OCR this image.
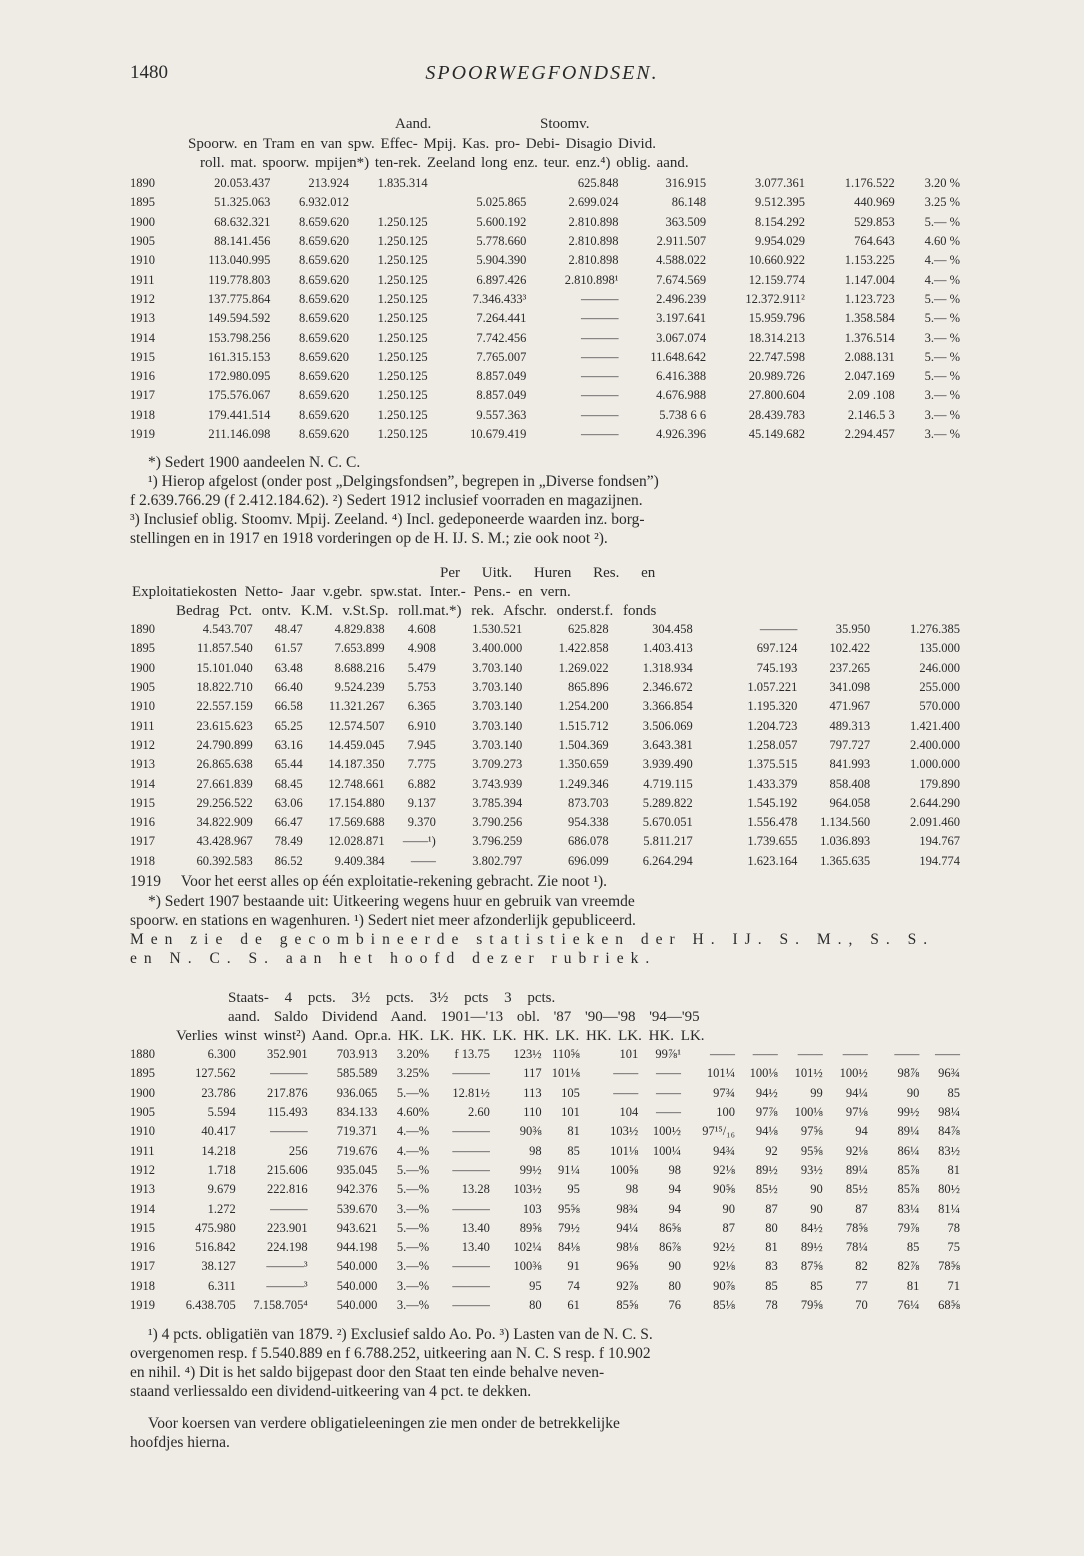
1480	SPOORWEGFONDSEN.
Aand.	Stoomv.
Spoorw. en Tram en van spw. Effec- Mpij. Kas. pro- Debi- Disagio Divid.
roll. mat. spoorw. mpijen*) ten-rek. Zeeland long enz. teur. enz.⁴) oblig. aand.
1890	20.053.437	213.924	1.835.314		625.848	316.915	3.077.361	1.176.522	3.20 %
1895	51.325.063	6.932.012		5.025.865	2.699.024	86.148	9.512.395	440.969	3.25 %
1900	68.632.321	8.659.620	1.250.125	5.600.192	2.810.898	363.509	8.154.292	529.853	5.— %
1905	88.141.456	8.659.620	1.250.125	5.778.660	2.810.898	2.911.507	9.954.029	764.643	4.60 %
1910	113.040.995	8.659.620	1.250.125	5.904.390	2.810.898	4.588.022	10.660.922	1.153.225	4.— %
1911	119.778.803	8.659.620	1.250.125	6.897.426	2.810.898¹	7.674.569	12.159.774	1.147.004	4.— %
1912	137.775.864	8.659.620	1.250.125	7.346.433³	———	2.496.239	12.372.911²	1.123.723	5.— %
1913	149.594.592	8.659.620	1.250.125	7.264.441	———	3.197.641	15.959.796	1.358.584	5.— %
1914	153.798.256	8.659.620	1.250.125	7.742.456	———	3.067.074	18.314.213	1.376.514	3.— %
1915	161.315.153	8.659.620	1.250.125	7.765.007	———	11.648.642	22.747.598	2.088.131	5.— %
1916	172.980.095	8.659.620	1.250.125	8.857.049	———	6.416.388	20.989.726	2.047.169	5.— %
1917	175.576.067	8.659.620	1.250.125	8.857.049	———	4.676.988	27.800.604	2.09 .108	3.— %
1918	179.441.514	8.659.620	1.250.125	9.557.363	———	5.738 6 6	28.439.783	2.146.5 3	3.— %
1919	211.146.098	8.659.620	1.250.125	10.679.419	———	4.926.396	45.149.682	2.294.457	3.— %
*) Sedert 1900 aandeelen N. C. C.
¹) Hierop afgelost (onder post „Delgingsfondsen”, begrepen in „Diverse fondsen”)
f 2.639.766.29 (f 2.412.184.62). ²) Sedert 1912 inclusief voorraden en magazijnen.
³) Inclusief oblig. Stoomv. Mpij. Zeeland. ⁴) Incl. gedeponeerde waarden inz. borg-
stellingen en in 1917 en 1918 vorderingen op de H. IJ. S. M.; zie ook noot ²).
Per Uitk. Huren Res. en
Exploitatiekosten Netto- Jaar v.gebr. spw.stat. Inter.- Pens.- en vern.
Bedrag Pct. ontv. K.M. v.St.Sp. roll.mat.*) rek. Afschr. onderst.f. fonds
1890	4.543.707	48.47	4.829.838	4.608	1.530.521	625.828	304.458	———	35.950	1.276.385
1895	11.857.540	61.57	7.653.899	4.908	3.400.000	1.422.858	1.403.413	697.124	102.422	135.000
1900	15.101.040	63.48	8.688.216	5.479	3.703.140	1.269.022	1.318.934	745.193	237.265	246.000
1905	18.822.710	66.40	9.524.239	5.753	3.703.140	865.896	2.346.672	1.057.221	341.098	255.000
1910	22.557.159	66.58	11.321.267	6.365	3.703.140	1.254.200	3.366.854	1.195.320	471.967	570.000
1911	23.615.623	65.25	12.574.507	6.910	3.703.140	1.515.712	3.506.069	1.204.723	489.313	1.421.400
1912	24.790.899	63.16	14.459.045	7.945	3.703.140	1.504.369	3.643.381	1.258.057	797.727	2.400.000
1913	26.865.638	65.44	14.187.350	7.775	3.709.273	1.350.659	3.939.490	1.375.515	841.993	1.000.000
1914	27.661.839	68.45	12.748.661	6.882	3.743.939	1.249.346	4.719.115	1.433.379	858.408	179.890
1915	29.256.522	63.06	17.154.880	9.137	3.785.394	873.703	5.289.822	1.545.192	964.058	2.644.290
1916	34.822.909	66.47	17.569.688	9.370	3.790.256	954.338	5.670.051	1.556.478	1.134.560	2.091.460
1917	43.428.967	78.49	12.028.871	——¹)	3.796.259	686.078	5.811.217	1.739.655	1.036.893	194.767
1918	60.392.583	86.52	9.409.384	——	3.802.797	696.099	6.264.294	1.623.164	1.365.635	194.774
1919 Voor het eerst alles op één exploitatie-rekening gebracht. Zie noot ¹).
*) Sedert 1907 bestaande uit: Uitkeering wegens huur en gebruik van vreemde
spoorw. en stations en wagenhuren. ¹) Sedert niet meer afzonderlijk gepubliceerd.
Men zie de gecombineerde statistieken der H. IJ. S. M., S. S.
en N. C. S. aan het hoofd dezer rubriek.
Staats- 4 pcts. 3½ pcts. 3½ pcts 3 pcts.
aand. Saldo Dividend Aand. 1901—'13 obl. '87 '90—'98 '94—'95
Verlies winst winst²) Aand. Opr.a. HK. LK. HK. LK. HK. LK. HK. LK. HK. LK.
1880	6.300	352.901	703.913	3.20%	f 13.75	123½	110⅝	101	99⅞¹	——	——	——	——	——	——
1895	127.562	———	585.589	3.25%	———	117	101⅛	——	——	101¼	100⅛	101½	100½	98⅞	96¾
1900	23.786	217.876	936.065	5.—%	12.81½	113	105	——	——	97¾	94½	99	94¼	90	85
1905	5.594	115.493	834.133	4.60%	2.60	110	101	104	——	100	97⅞	100⅛	97⅛	99½	98¼
1910	40.417	———	719.371	4.—%	———	90⅜	81	103½	100½	97¹⁵/₁₆	94⅛	97⅝	94	89¼	84⅞
1911	14.218	256	719.676	4.—%	———	98	85	101⅛	100¼	94¾	92	95⅝	92⅛	86¼	83½
1912	1.718	215.606	935.045	5.—%	———	99½	91¼	100⅝	98	92⅛	89½	93½	89¼	85⅞	81
1913	9.679	222.816	942.376	5.—%	13.28	103½	95	98	94	90⅝	85½	90	85½	85⅞	80½
1914	1.272	———	539.670	3.—%	———	103	95⅝	98¾	94	90	87	90	87	83¼	81¼
1915	475.980	223.901	943.621	5.—%	13.40	89⅝	79½	94¼	86⅝	87	80	84½	78⅝	79⅞	78
1916	516.842	224.198	944.198	5.—%	13.40	102¼	84⅛	98⅛	86⅞	92½	81	89½	78¼	85	75
1917	38.127	———³	540.000	3.—%	———	100⅜	91	96⅝	90	92⅛	83	87⅝	82	82⅞	78⅝
1918	6.311	———³	540.000	3.—%	———	95	74	92⅞	80	90⅞	85	85	77	81	71
1919	6.438.705	7.158.705⁴	540.000	3.—%	———	80	61	85⅝	76	85⅛	78	79⅝	70	76¼	68⅝
¹) 4 pcts. obligatiën van 1879. ²) Exclusief saldo Ao. Po. ³) Lasten van de N. C. S.
overgenomen resp. f 5.540.889 en f 6.788.252, uitkeering aan N. C. S resp. f 10.902
en nihil. ⁴) Dit is het saldo bijgepast door den Staat ten einde behalve neven-
staand verliessaldo een dividend-uitkeering van 4 pct. te dekken.
Voor koersen van verdere obligatieleeningen zie men onder de betrekkelijke
hoofdjes hierna.
